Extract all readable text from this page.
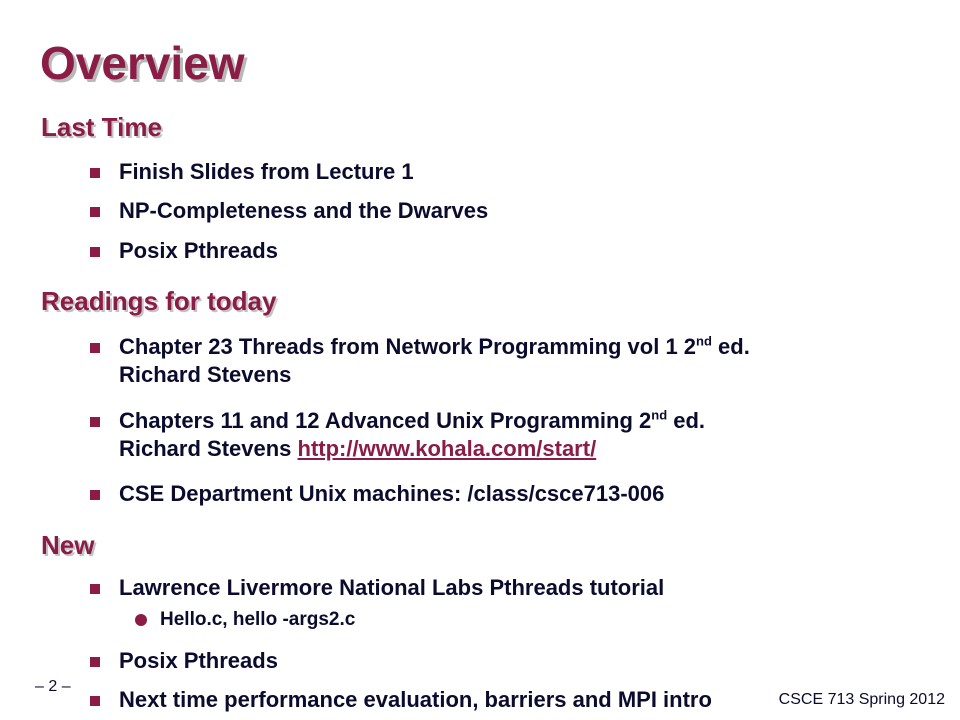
Overview
Last Time
Finish Slides from Lecture 1
NP-Completeness and the Dwarves
Posix Pthreads
Readings for today
Chapter 23 Threads from Network Programming vol 1 2nd ed.
Richard Stevens
Chapters 11 and 12 Advanced Unix Programming 2nd ed.
Richard Stevens http://www.kohala.com/start/
CSE Department Unix machines: /class/csce713-006
New
Lawrence Livermore National Labs Pthreads tutorial
Hello.c, hello -args2.c
Posix Pthreads
– 2 –
CSCE 713 Spring 2012
Next time performance evaluation, barriers and MPI intro
